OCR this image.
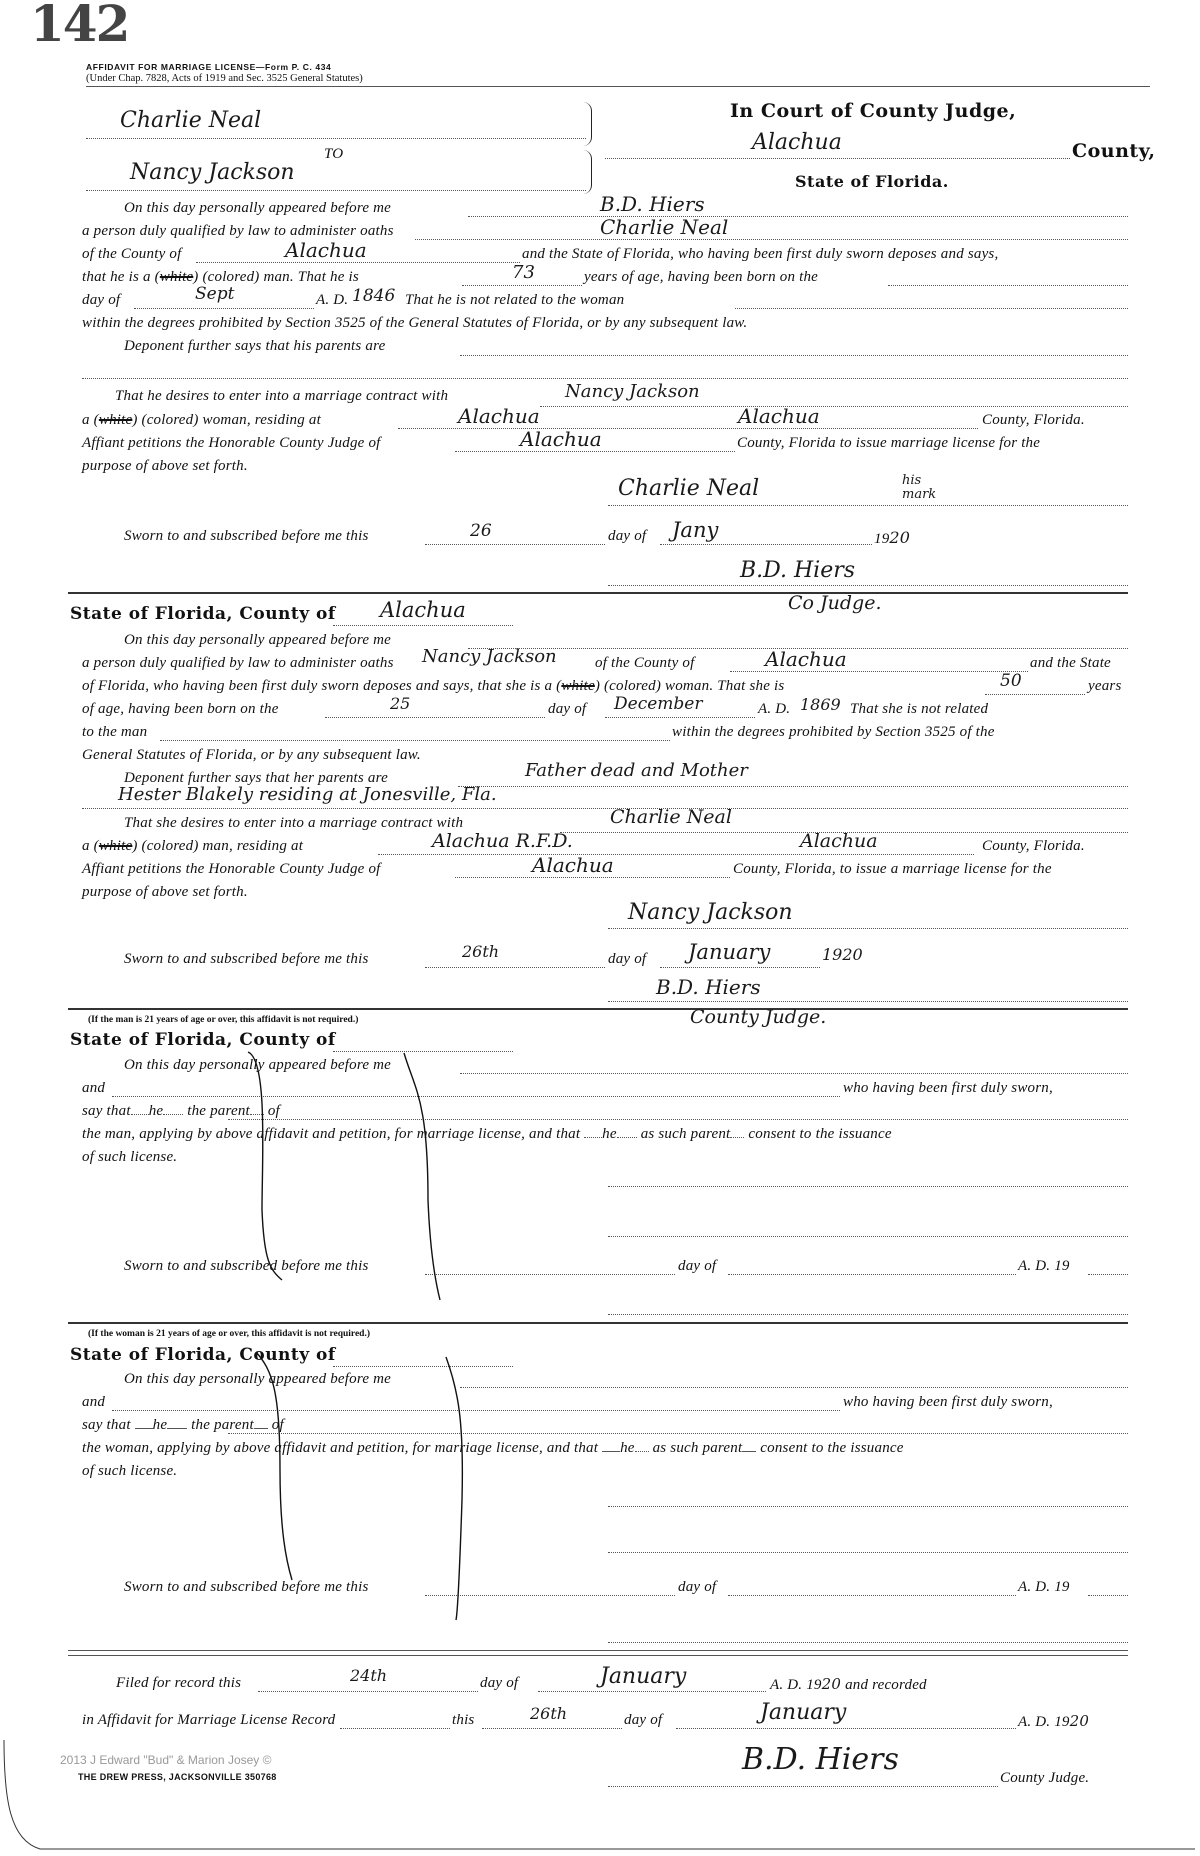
142
AFFIDAVIT FOR MARRIAGE LICENSE—Form P. C. 434
(Under Chap. 7828, Acts of 1919 and Sec. 3525 General Statutes)
Charlie Neal
TO
Nancy Jackson
In Court of County Judge,
Alachua	County,
State of Florida.
On this day personally appeared before me	B.D. Hiers
a person duly qualified by law to administer oaths	Charlie Neal
of the County of	Alachua	and the State of Florida, who having been first duly sworn deposes and says,
that he is a (white) (colored) man. That he is	73	years of age, having been born on the
day of	Sept	A. D. 1846 That he is not related to the woman
within the degrees prohibited by Section 3525 of the General Statutes of Florida, or by any subsequent law.
Deponent further says that his parents are
That he desires to enter into a marriage contract with	Nancy Jackson
a (white) (colored) woman, residing at	Alachua	Alachua	County, Florida.
Affiant petitions the Honorable County Judge of	Alachua	County, Florida to issue marriage license for the
purpose of above set forth.
Charlie Neal	his mark
Sworn to and subscribed before me this	26	day of Jany	1920
B.D. Hiers
Co Judge.
State of Florida, County of Alachua
On this day personally appeared before me
a person duly qualified by law to administer oaths Nancy Jackson	of the County of	Alachua	and the State
of Florida, who having been first duly sworn deposes and says, that she is a (white) (colored) woman. That she is	50	years
of age, having been born on the	25	day of December	A. D. 1869 That she is not related
to the man	within the degrees prohibited by Section 3525 of the
General Statutes of Florida, or by any subsequent law.
Deponent further says that her parents are	Father dead and Mother
Hester Blakely residing at Jonesville, Fla.
That she desires to enter into a marriage contract with	Charlie Neal
a (white) (colored) man, residing at	Alachua R.F.D.	Alachua	County, Florida.
Affiant petitions the Honorable County Judge of	Alachua	County, Florida, to issue a marriage license for the
purpose of above set forth.
Nancy Jackson
Sworn to and subscribed before me this	26th	day of January	1920
B.D. Hiers
County Judge.
(If the man is 21 years of age or over, this affidavit is not required.)
State of Florida, County of
On this day personally appeared before me
and	who having been first duly sworn,
say that he the parent of
the man, applying by above affidavit and petition, for marriage license, and that he as such parent consent to the issuance
of such license.
Sworn to and subscribed before me this	day of	A. D. 19
(If the woman is 21 years of age or over, this affidavit is not required.)
State of Florida, County of
On this day personally appeared before me
and	who having been first duly sworn,
say that he the parent of
the woman, applying by above affidavit and petition, for marriage license, and that he as such parent consent to the issuance
of such license.
Sworn to and subscribed before me this	day of	A. D. 19
Filed for record this	24th	day of	January	A. D. 1920 and recorded
in Affidavit for Marriage License Record	this	26th	day of	January	A. D. 1920
B.D. Hiers
County Judge.
2013 J Edward "Bud" & Marion Josey ©
THE DREW PRESS, JACKSONVILLE 350768
